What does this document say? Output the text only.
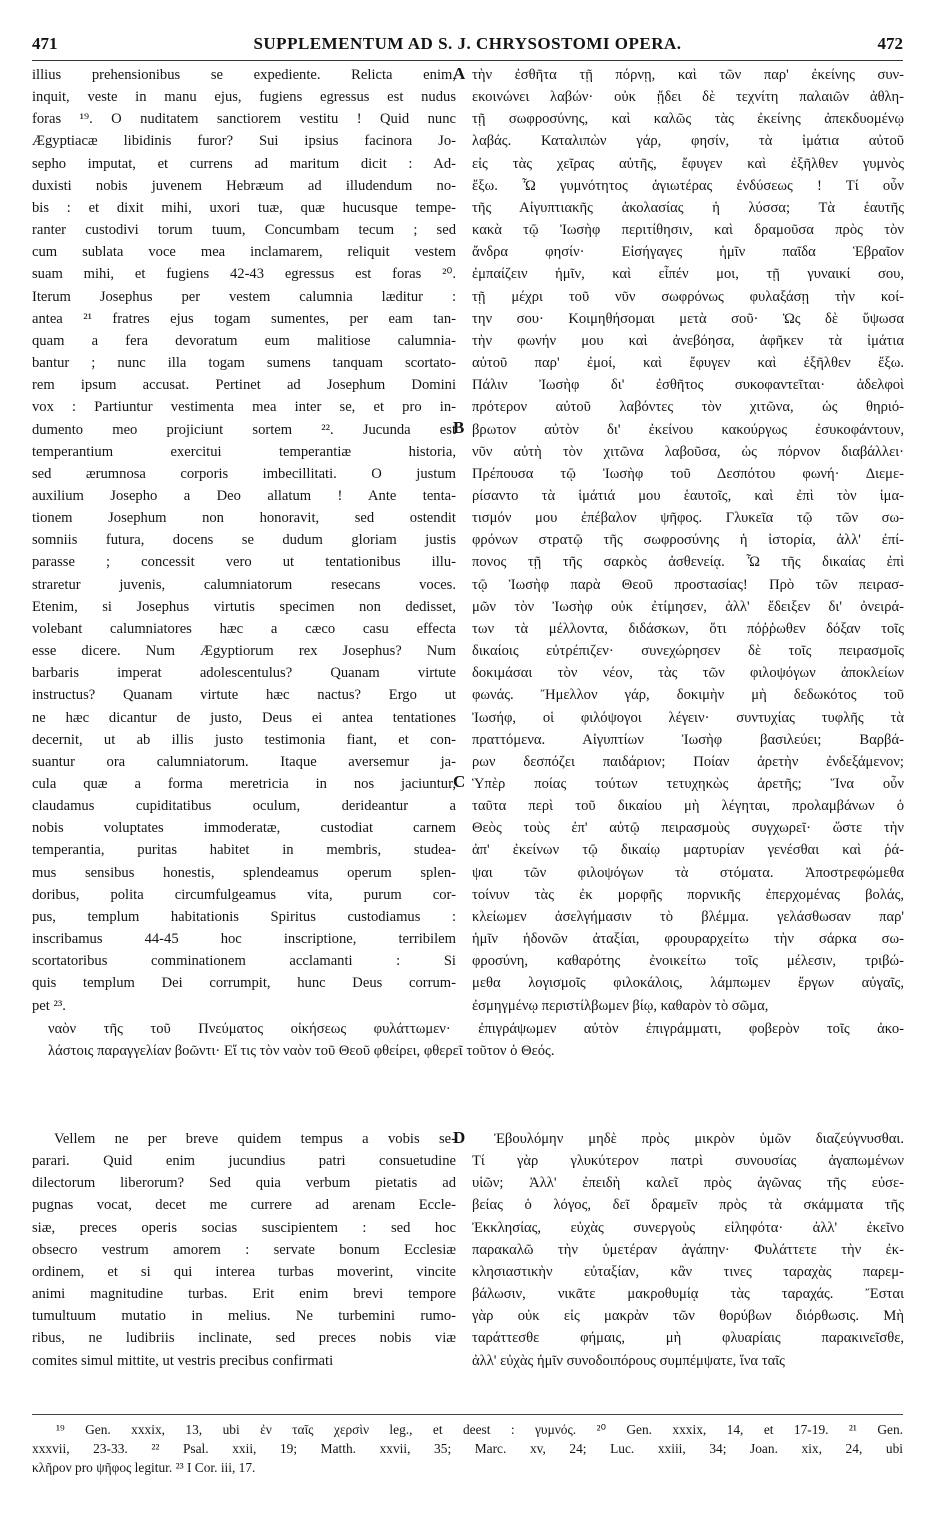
471	SUPPLEMENTUM AD S. J. CHRYSOSTOMI OPERA.	472
illius prehensionibus se expediente. Relicta enim,
inquit, veste in manu ejus, fugiens egressus est nudus
foras ¹⁹. O nuditatem sanctiorem vestitu ! Quid nunc
Ægyptiacæ libidinis furor? Sui ipsius facinora Jo-
sepho imputat, et currens ad maritum dicit : Ad-
duxisti nobis juvenem Hebræum ad illudendum no-
bis : et dixit mihi, uxori tuæ, quæ hucusque tempe-
ranter custodivi torum tuum, Concumbam tecum ; sed
cum sublata voce mea inclamarem, reliquit vestem
suam mihi, et fugiens 42-43 egressus est foras ²⁰.
Iterum Josephus per vestem calumnia læditur :
antea ²¹ fratres ejus togam sumentes, per eam tan-
quam a fera devoratum eum malitiose calumnia-
bantur ; nunc illa togam sumens tanquam scortato-
rem ipsum accusat. Pertinet ad Josephum Domini
vox : Partiuntur vestimenta mea inter se, et pro in-
dumento meo projiciunt sortem ²². Jucunda est
temperantium exercitui temperantiæ historia,
sed ærumnosa corporis imbecillitati. O justum
auxilium Josepho a Deo allatum ! Ante tenta-
tionem Josephum non honoravit, sed ostendit
somniis futura, docens se dudum gloriam justis
parasse ; concessit vero ut tentationibus illu-
straretur juvenis, calumniatorum resecans voces.
Etenim, si Josephus virtutis specimen non dedisset,
volebant calumniatores hæc a cæco casu effecta
esse dicere. Num Ægyptiorum rex Josephus? Num
barbaris imperat adolescentulus? Quanam virtute
instructus? Quanam virtute hæc nactus? Ergo ut
ne hæc dicantur de justo, Deus ei antea tentationes
decernit, ut ab illis justo testimonia fiant, et con-
suantur ora calumniatorum. Itaque aversemur ja-
cula quæ a forma meretricia in nos jaciuntur,
claudamus cupiditatibus oculum, derideantur a
nobis voluptates immoderatæ, custodiat carnem
temperantia, puritas habitet in membris, studea-
mus sensibus honestis, splendeamus operum splen-
doribus, polita circumfulgeamus vita, purum cor-
pus, templum habitationis Spiritus custodiamus :
inscribamus 44-45 hoc inscriptione, terribilem
scortatoribus comminationem acclamanti : Si
quis templum Dei corrumpit, hunc Deus corrum-
pet ²³.
τὴν ἐσθῆτα τῇ πόρνῃ, καὶ τῶν παρ' ἐκείνης συν-
εκοινώνει λαβών· οὐκ ᾔδει δὲ τεχνίτη παλαιῶν ἀθλη-
τῇ σωφροσύνης, καὶ καλῶς τὰς ἐκείνης ἀπεκδυομένῳ
λαβάς. Καταλιπὼν γάρ, φησίν, τὰ ἱμάτια αὐτοῦ
εἰς τὰς χεῖρας αὐτῆς, ἔφυγεν καὶ ἐξῆλθεν γυμνὸς
ἔξω. Ὦ γυμνότητος ἁγιωτέρας ἐνδύσεως ! Τί οὖν
τῆς Αἰγυπτιακῆς ἀκολασίας ἡ λύσσα; Τὰ ἑαυτῆς
κακὰ τῷ Ἰωσὴφ περιτίθησιν, καὶ δραμοῦσα πρὸς τὸν
ἄνδρα φησίν· Εἰσήγαγες ἡμῖν παῖδα Ἑβραῖον
ἐμπαίζειν ἡμῖν, καὶ εἶπέν μοι, τῇ γυναικί σου,
τῇ μέχρι τοῦ νῦν σωφρόνως φυλαξάσῃ τὴν κοί-
την σου· Κοιμηθήσομαι μετὰ σοῦ· Ὡς δὲ ὕψωσα
τὴν φωνήν μου καὶ ἀνεβόησα, ἀφῆκεν τὰ ἱμάτια
αὐτοῦ παρ' ἐμοί, καὶ ἔφυγεν καὶ ἐξῆλθεν ἔξω.
Πάλιν Ἰωσὴφ δι' ἐσθῆτος συκοφαντεῖται· ἀδελφοὶ
πρότερον αὐτοῦ λαβόντες τὸν χιτῶνα, ὡς θηριό-
βρωτον αὐτὸν δι' ἐκείνου κακούργως ἐσυκοφάντουν,
νῦν αὐτὴ τὸν χιτῶνα λαβοῦσα, ὡς πόρνον διαβάλλει·
Πρέπουσα τῷ Ἰωσὴφ τοῦ Δεσπότου φωνή· Διεμε-
ρίσαντο τὰ ἱμάτιά μου ἑαυτοῖς, καὶ ἐπὶ τὸν ἱμα-
τισμόν μου ἐπέβαλον ψῆφος. Γλυκεῖα τῷ τῶν σω-
φρόνων στρατῷ τῆς σωφροσύνης ἡ ἱστορία, ἀλλ' ἐπί-
πονος τῇ τῆς σαρκὸς ἀσθενείᾳ. Ὦ τῆς δικαίας ἐπὶ
τῷ Ἰωσὴφ παρὰ Θεοῦ προστασίας! Πρὸ τῶν πειρασ-
μῶν τὸν Ἰωσὴφ οὐκ ἐτίμησεν, ἀλλ' ἔδειξεν δι' ὀνειρά-
των τὰ μέλλοντα, διδάσκων, ὅτι πόῤῥωθεν δόξαν τοῖς
δικαίοις εὐτρέπιζεν· συνεχώρησεν δὲ τοῖς πειρασμοῖς
δοκιμάσαι τὸν νέον, τὰς τῶν φιλοψόγων ἀποκλείων
φωνάς. Ἤμελλον γάρ, δοκιμὴν μὴ δεδωκότος τοῦ
Ἰωσήφ, οἱ φιλόψογοι λέγειν· συντυχίας τυφλῆς τὰ
πραττόμενα. Αἰγυπτίων Ἰωσὴφ βασιλεύει; Βαρβά-
ρων δεσπόζει παιδάριον; Ποίαν ἀρετὴν ἐνδεξάμενον;
Ὑπὲρ ποίας τούτων τετυχηκὼς ἀρετῆς; Ἵνα οὖν
ταῦτα περὶ τοῦ δικαίου μὴ λέγηται, προλαμβάνων ὁ
Θεὸς τοὺς ἐπ' αὐτῷ πειρασμοὺς συγχωρεῖ· ὥστε τὴν
ἀπ' ἐκείνων τῷ δικαίῳ μαρτυρίαν γενέσθαι καὶ ῥά-
ψαι τῶν φιλοψόγων τὰ στόματα. Ἀποστρεφώμεθα
τοίνυν τὰς ἐκ μορφῆς πορνικῆς ἐπερχομένας βολάς,
κλείωμεν ἀσελγήμασιν τὸ βλέμμα. γελάσθωσαν παρ'
ἡμῖν ἡδονῶν ἀταξίαι, φρουραρχείτω τὴν σάρκα σω-
φροσύνη, καθαρότης ἐνοικείτω τοῖς μέλεσιν, τριβώ-
μεθα λογισμοῖς φιλοκάλοις, λάμπωμεν ἔργων αὐγαῖς,
ἐσμηγμένῳ περιστίλβωμεν βίῳ, καθαρὸν τὸ σῶμα,
A
B
C
D
ναὸν τῆς τοῦ Πνεύματος οἰκήσεως φυλάττωμεν· ἐπιγράψωμεν αὐτὸν ἐπιγράμματι, φοβερὸν τοῖς ἀκο-
λάστοις παραγγελίαν βοῶντι· Εἴ τις τὸν ναὸν τοῦ Θεοῦ φθείρει, φθερεῖ τοῦτον ὁ Θεός.
Vellem ne per breve quidem tempus a vobis se-
parari. Quid enim jucundius patri consuetudine
dilectorum liberorum? Sed quia verbum pietatis ad
pugnas vocat, decet me currere ad arenam Eccle-
siæ, preces operis socias suscipientem : sed hoc
obsecro vestrum amorem : servate bonum Ecclesiæ
ordinem, et si qui interea turbas moverint, vincite
animi magnitudine turbas. Erit enim brevi tempore
tumultuum mutatio in melius. Ne turbemini rumo-
ribus, ne ludibriis inclinate, sed preces nobis viæ
comites simul mittite, ut vestris precibus confirmati
Ἐβουλόμην μηδὲ πρὸς μικρὸν ὑμῶν διαζεύγνυσθαι.
Τί γὰρ γλυκύτερον πατρὶ συνουσίας ἀγαπωμένων
υἱῶν; Ἀλλ' ἐπειδὴ καλεῖ πρὸς ἀγῶνας τῆς εὐσε-
βείας ὁ λόγος, δεῖ δραμεῖν πρὸς τὰ σκάμματα τῆς
Ἐκκλησίας, εὐχὰς συνεργοὺς εἰληφότα· ἀλλ' ἐκεῖνο
παρακαλῶ τὴν ὑμετέραν ἀγάπην· Φυλάττετε τὴν ἐκ-
κλησιαστικὴν εὐταξίαν, κἂν τινες ταραχὰς παρεμ-
βάλωσιν, νικᾶτε μακροθυμίᾳ τὰς ταραχάς. Ἔσται
γὰρ οὐκ εἰς μακρὰν τῶν θορύβων διόρθωσις. Μὴ
ταράττεσθε φήμαις, μὴ φλυαρίαις παρακινεῖσθε,
ἀλλ' εὐχὰς ἡμῖν συνοδοιπόρους συμπέμψατε, ἵνα ταῖς
¹⁹ Gen. xxxix, 13, ubi ἐν ταῖς χερσὶν leg., et deest : γυμνός. ²⁰ Gen. xxxix, 14, et 17-19. ²¹ Gen.
xxxvii, 23-33. ²² Psal. xxii, 19; Matth. xxvii, 35; Marc. xv, 24; Luc. xxiii, 34; Joan. xix, 24, ubi
κλῆρον pro ψῆφος legitur. ²³ I Cor. iii, 17.
